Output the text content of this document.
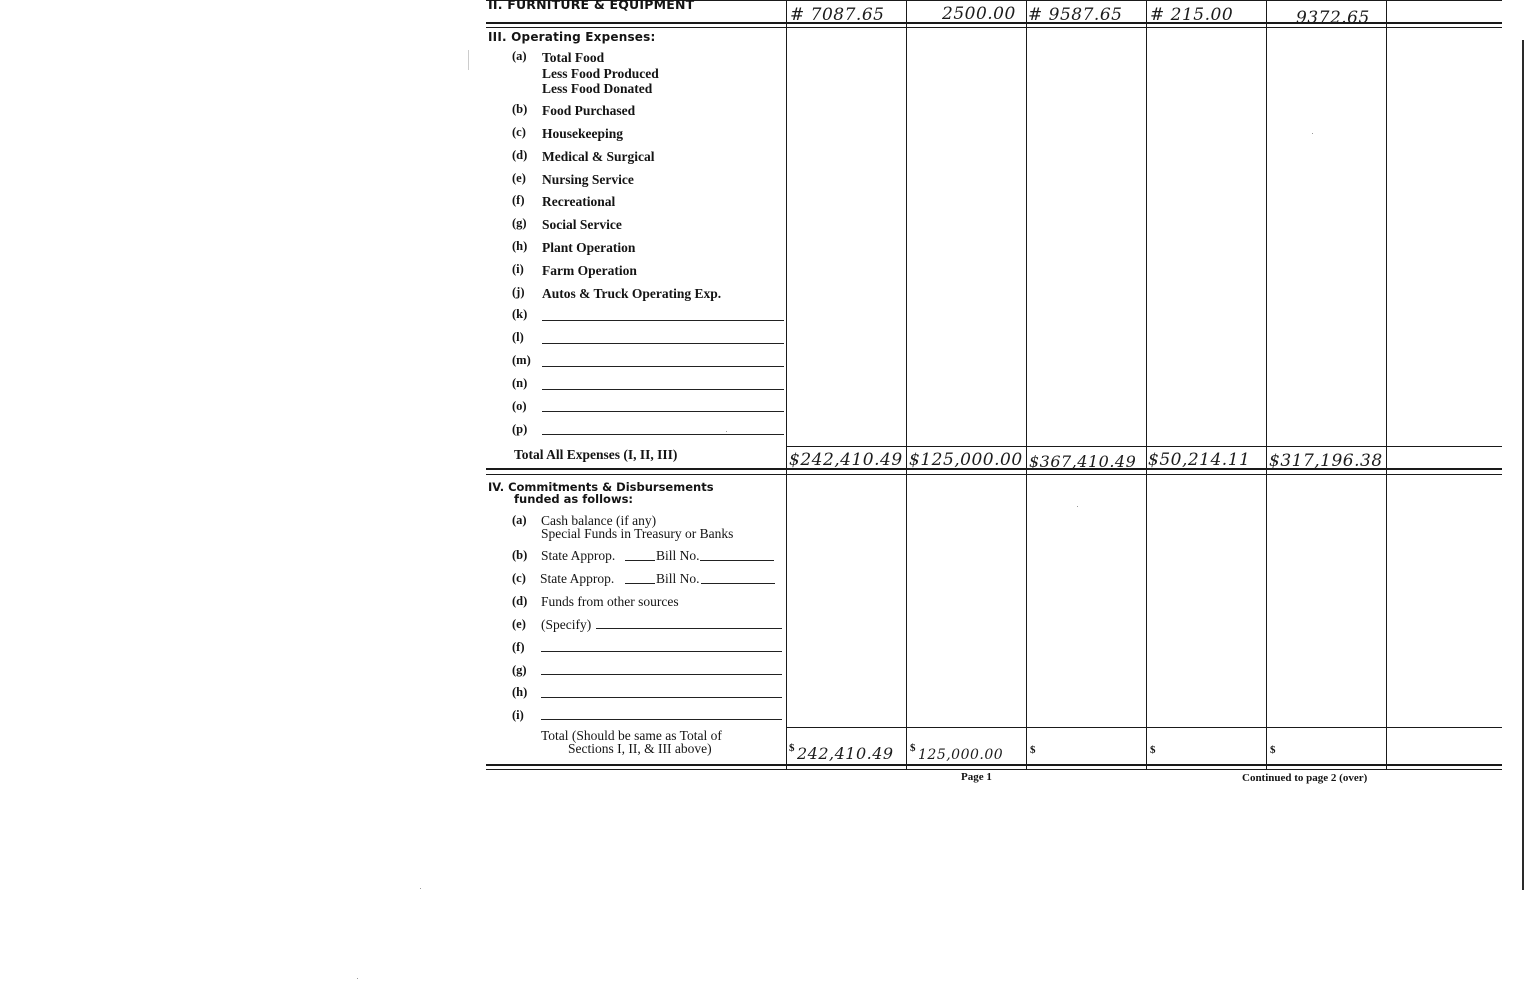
II. FURNITURE & EQUIPMENT
# 7087.65	2500.00 # 9587.65 # 215.00	9372.65
III. Operating Expenses:
(a)	Total Food
Less Food Produced
Less Food Donated
(b)	Food Purchased
(c)	Housekeeping
(d)	Medical & Surgical
(e)	Nursing Service
(f)	Recreational
(g)	Social Service
(h)	Plant Operation
(i)	Farm Operation
(j)	Autos & Truck Operating Exp.
(k)
(l)
(m)
(n)
(o)
(p)
Total All Expenses (I, II, III)	$242,410.49 $125,000.00 $367,410.49 $50,214.11 $317,196.38
IV. Commitments & Disbursements
funded as follows:
(a)	Cash balance (if any)
Special Funds in Treasury or Banks
(b)	State Approp.	Bill No.
(c)	State Approp.	Bill No.
(d)	Funds from other sources
(e)	(Specify)
(f)
(g)
(h)
(i)
Total (Should be same as Total of
Sections I, II, & III above)	$ 242,410.49 $ 125,000.00 $	$	$
Page 1	Continued to page 2 (over)
